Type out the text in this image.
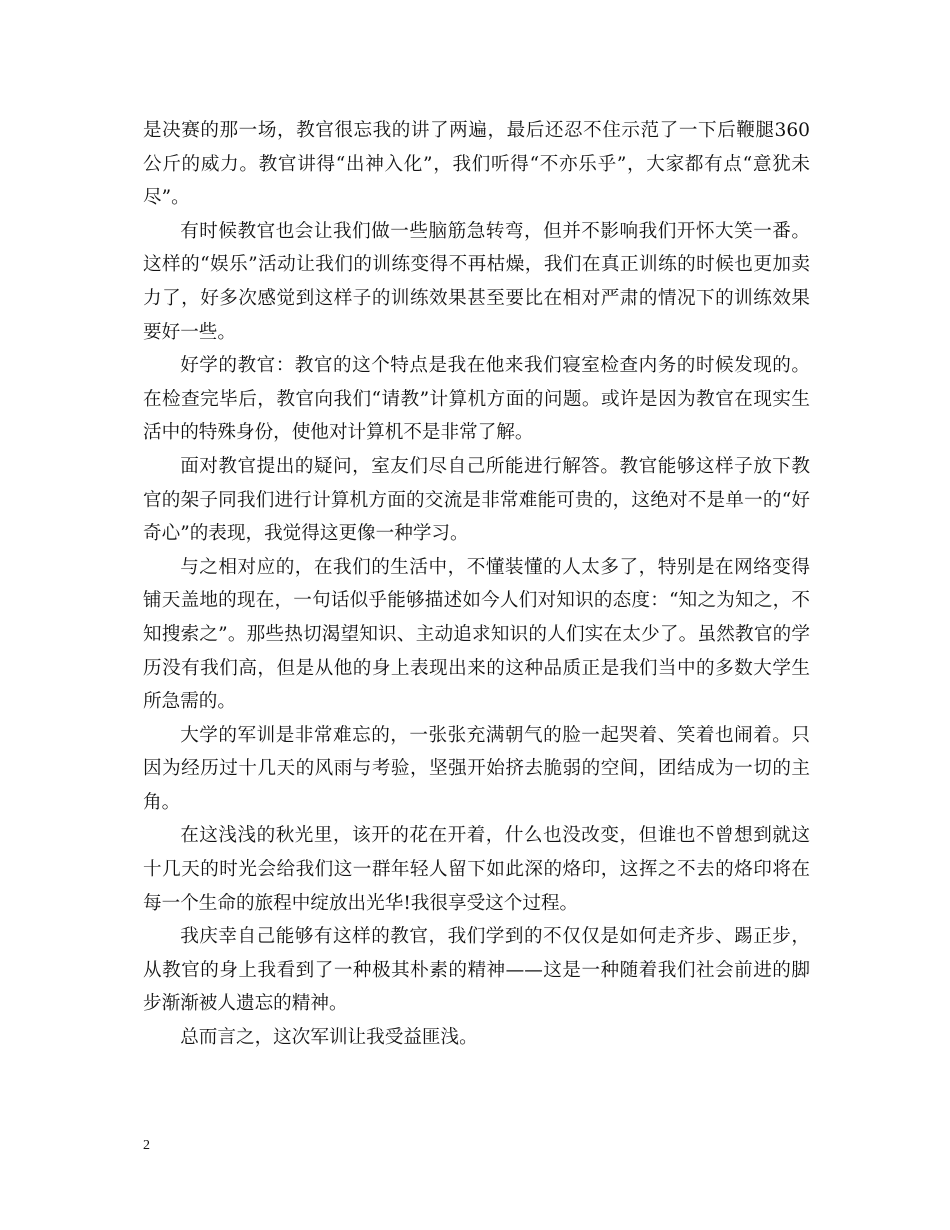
是决赛的那一场，教官很忘我的讲了两遍，最后还忍不住示范了一下后鞭腿360公斤的威力。教官讲得“出神入化”，我们听得“不亦乐乎”，大家都有点“意犹未尽”。

有时候教官也会让我们做一些脑筋急转弯，但并不影响我们开怀大笑一番。这样的“娱乐”活动让我们的训练变得不再枯燥，我们在真正训练的时候也更加卖力了，好多次感觉到这样子的训练效果甚至要比在相对严肃的情况下的训练效果要好一些。

好学的教官：教官的这个特点是我在他来我们寝室检查内务的时候发现的。在检查完毕后，教官向我们“请教”计算机方面的问题。或许是因为教官在现实生活中的特殊身份，使他对计算机不是非常了解。

面对教官提出的疑问，室友们尽自己所能进行解答。教官能够这样子放下教官的架子同我们进行计算机方面的交流是非常难能可贵的，这绝对不是单一的“好奇心”的表现，我觉得这更像一种学习。

与之相对应的，在我们的生活中，不懂装懂的人太多了，特别是在网络变得铺天盖地的现在，一句话似乎能够描述如今人们对知识的态度：“知之为知之，不知搜索之”。那些热切渴望知识、主动追求知识的人们实在太少了。虽然教官的学历没有我们高，但是从他的身上表现出来的这种品质正是我们当中的多数大学生所急需的。

大学的军训是非常难忘的，一张张充满朝气的脸一起哭着、笑着也闹着。只因为经历过十几天的风雨与考验，坚强开始挤去脆弱的空间，团结成为一切的主角。

在这浅浅的秋光里，该开的花在开着，什么也没改变，但谁也不曾想到就这十几天的时光会给我们这一群年轻人留下如此深的烙印，这挥之不去的烙印将在每一个生命的旅程中绽放出光华!我很享受这个过程。

我庆幸自己能够有这样的教官，我们学到的不仅仅是如何走齐步、踢正步，从教官的身上我看到了一种极其朴素的精神——这是一种随着我们社会前进的脚步渐渐被人遗忘的精神。

总而言之，这次军训让我受益匪浅。

2
